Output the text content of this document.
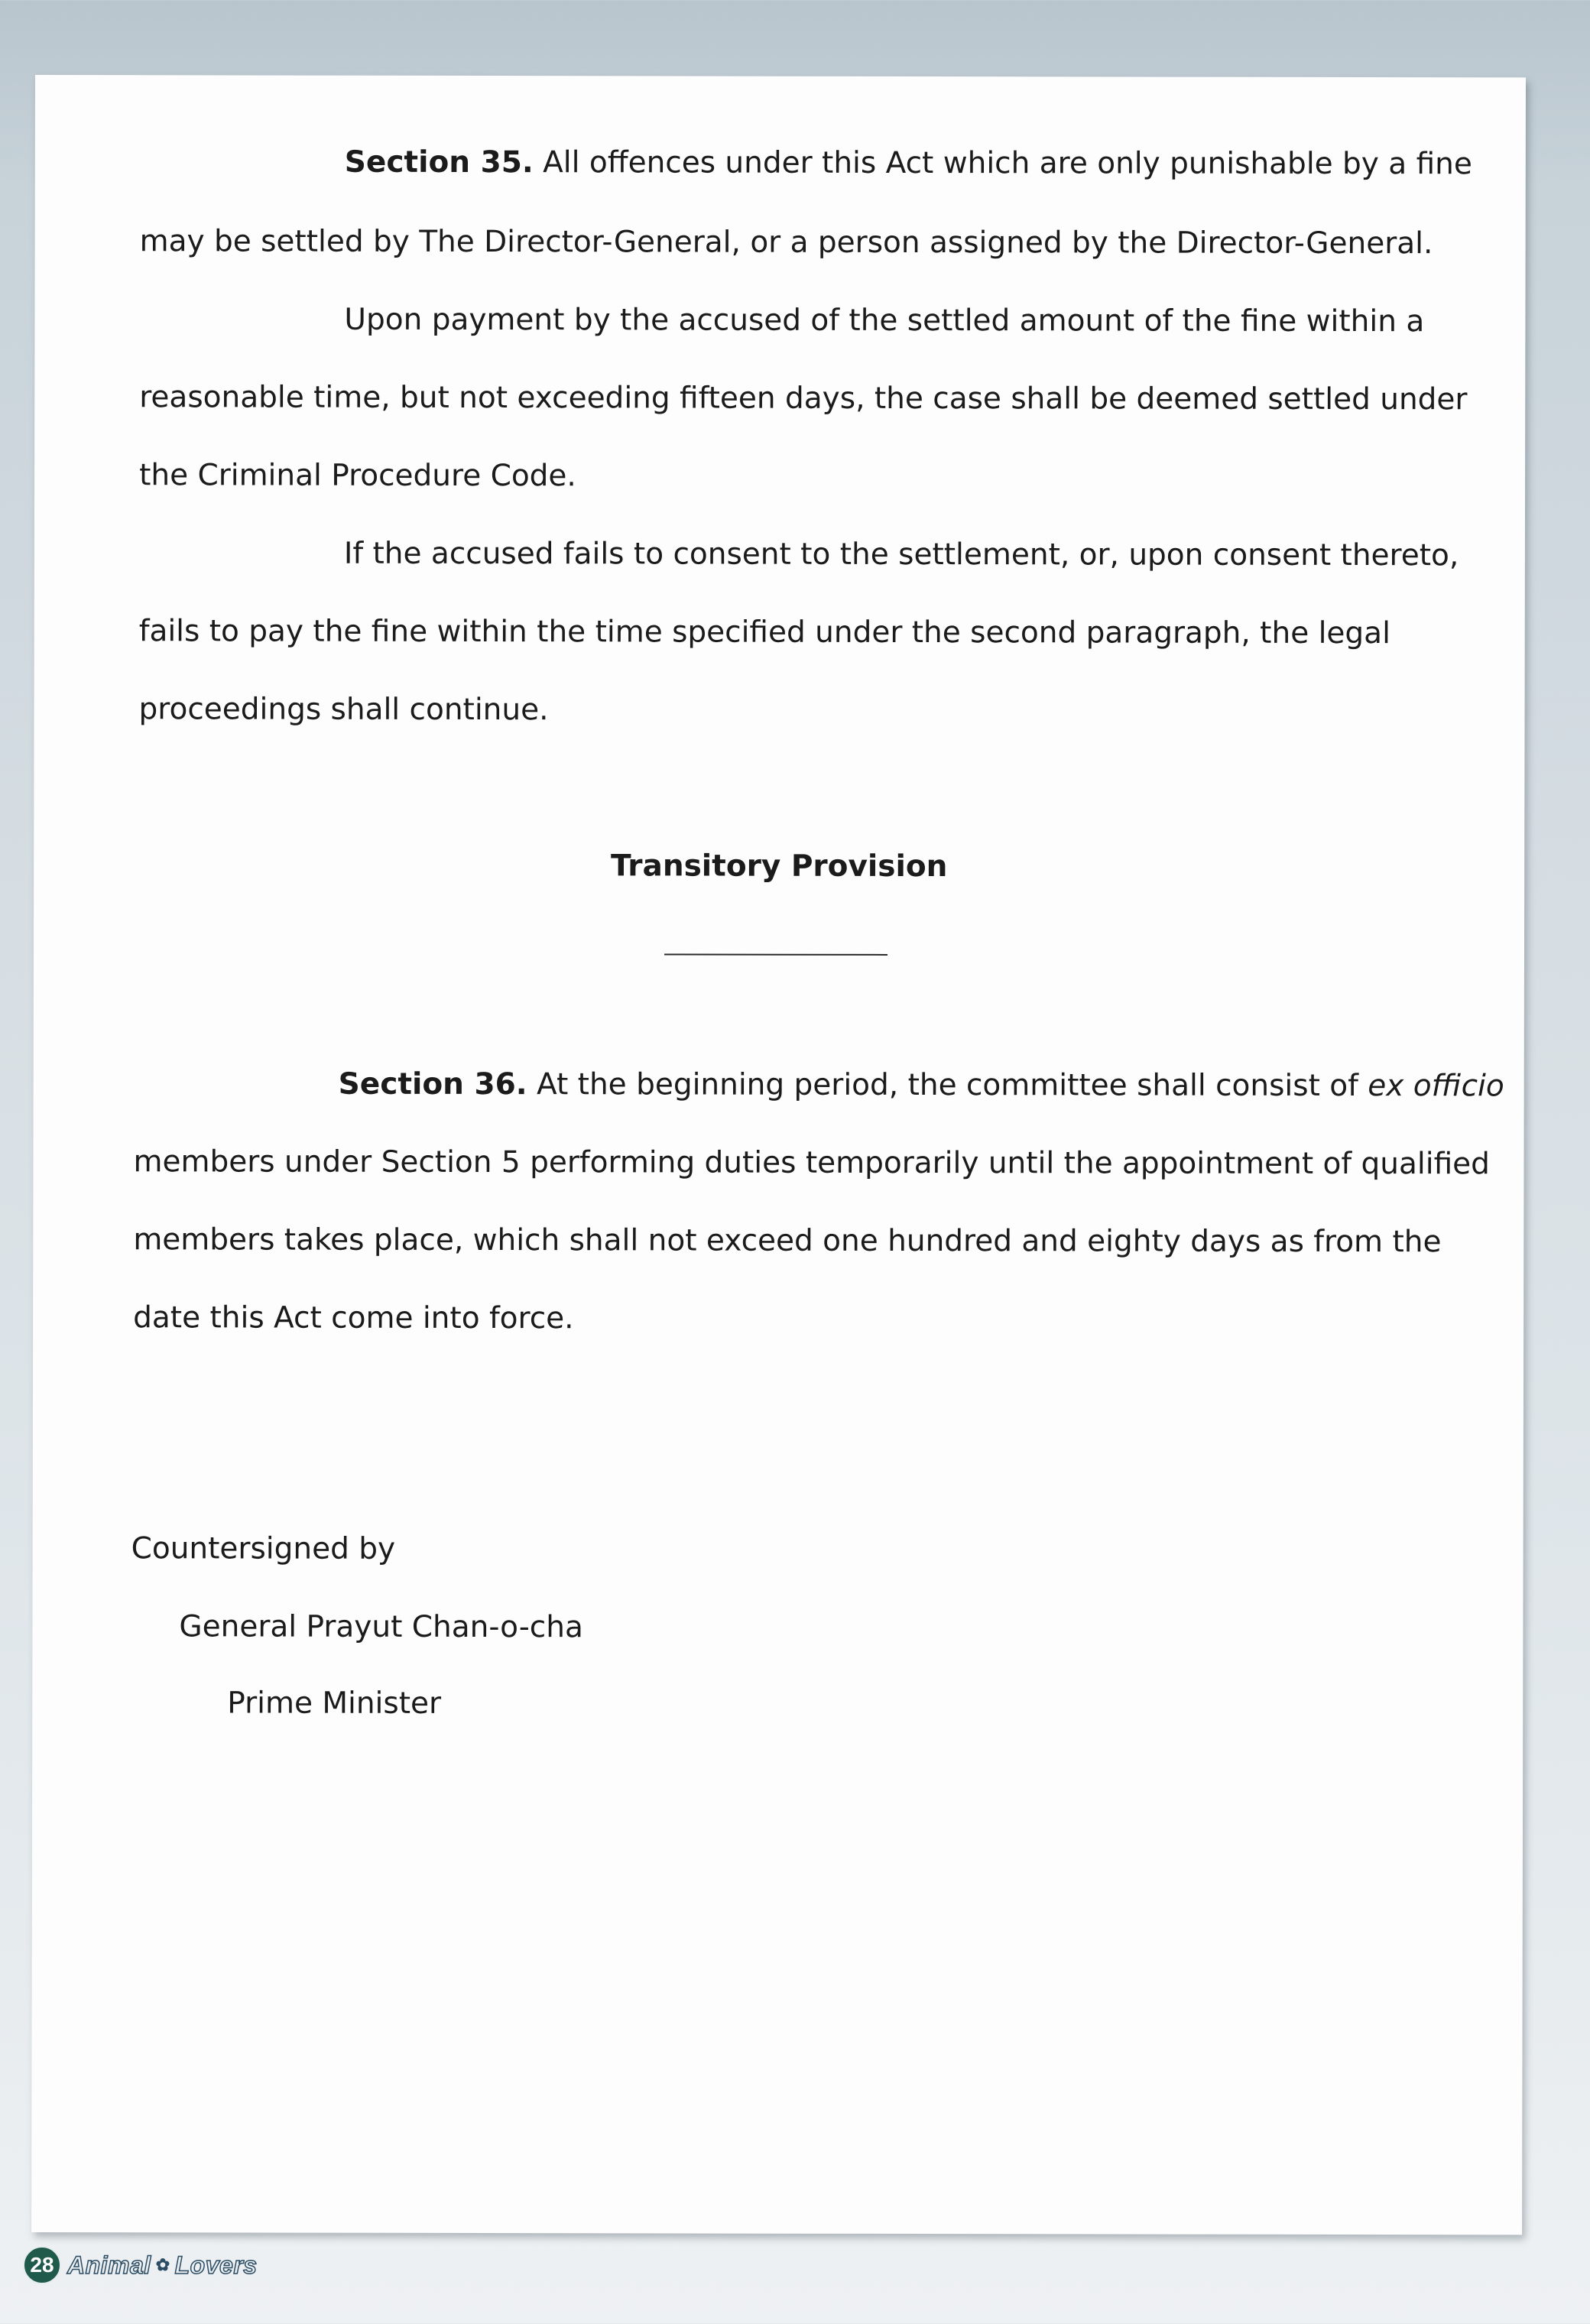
Section 35. All offences under this Act which are only punishable by a fine
may be settled by The Director-General, or a person assigned by the Director-General.
Upon payment by the accused of the settled amount of the fine within a
reasonable time, but not exceeding fifteen days, the case shall be deemed settled under
the Criminal Procedure Code.
If the accused fails to consent to the settlement, or, upon consent thereto,
fails to pay the fine within the time specified under the second paragraph, the legal
proceedings shall continue.
Transitory Provision
Section 36. At the beginning period, the committee shall consist of ex officio
members under Section 5 performing duties temporarily until the appointment of qualified
members takes place, which shall not exceed one hundred and eighty days as from the
date this Act come into force.
Countersigned by
General Prayut Chan-o-cha
Prime Minister
28 Animal ✿ Lovers
